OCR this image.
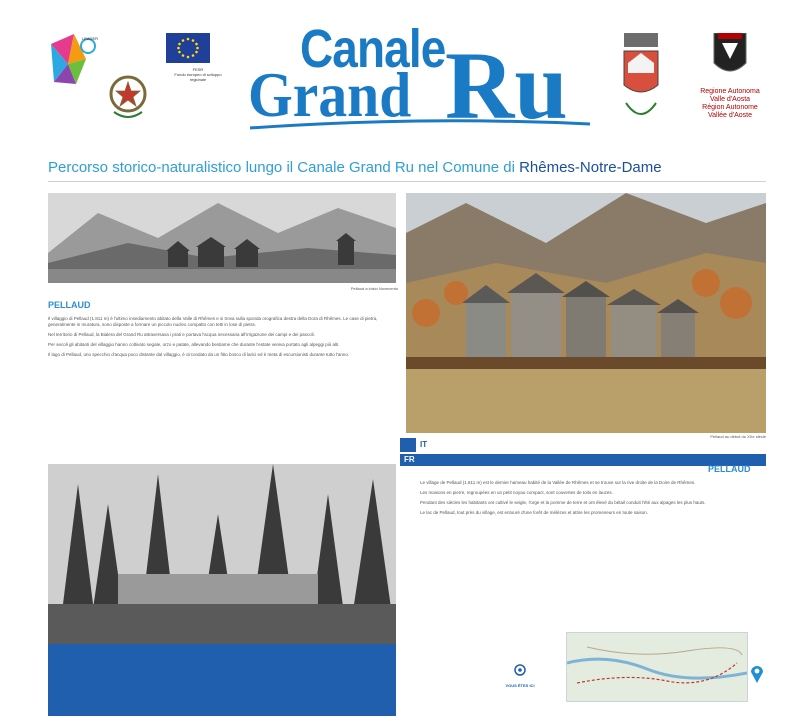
LEADER
FESR
Fondo europeo di sviluppo regionale
Canale
Grand Ru	Regione Autonoma Valle d'Aosta
Région Autonome Vallée d'Aoste
Percorso storico-naturalistico lungo il Canale Grand Ru nel Comune di Rhêmes-Notre-Dame
Pellaud a inizio Novecento
PELLAUD

Il villaggio di Pellaud (1.811 m) è l'ultimo insediamento abitato della Valle di Rhêmes e si trova sulla sponda orografica destra della Dora di Rhêmes. Le case di pietra, generalmente in muratura, sono disposte a formare un piccolo nucleo compatto con tetti in lose di pietra.

Nel territorio di Pellaud, la Bialera del Grand Ru attraversava i prati e portava l'acqua necessaria all'irrigazione dei campi e dei pascoli.

Per secoli gli abitanti del villaggio hanno coltivato segale, orzo e patate, allevando bestiame che durante l'estate veniva portato agli alpeggi più alti.

Il lago di Pellaud, uno specchio d'acqua poco distante dal villaggio, è circondato da un fitto bosco di larici ed è meta di escursionisti durante tutto l'anno.

Pellaud au début du XXe siècle
IT
FR
PELLAUD

Le village de Pellaud (1.811 m) est le dernier hameau habité de la Vallée de Rhêmes et se trouve sur la rive droite de la Doire de Rhêmes.

Les maisons en pierre, regroupées en un petit noyau compact, sont couvertes de toits en lauzes.

Pendant des siècles les habitants ont cultivé le seigle, l'orge et la pomme de terre et ont élevé du bétail conduit l'été aux alpages les plus hauts.

Le lac de Pellaud, tout près du village, est entouré d'une forêt de mélèzes et attire les promeneurs en toute saison.

VOUS ÊTES ICI
